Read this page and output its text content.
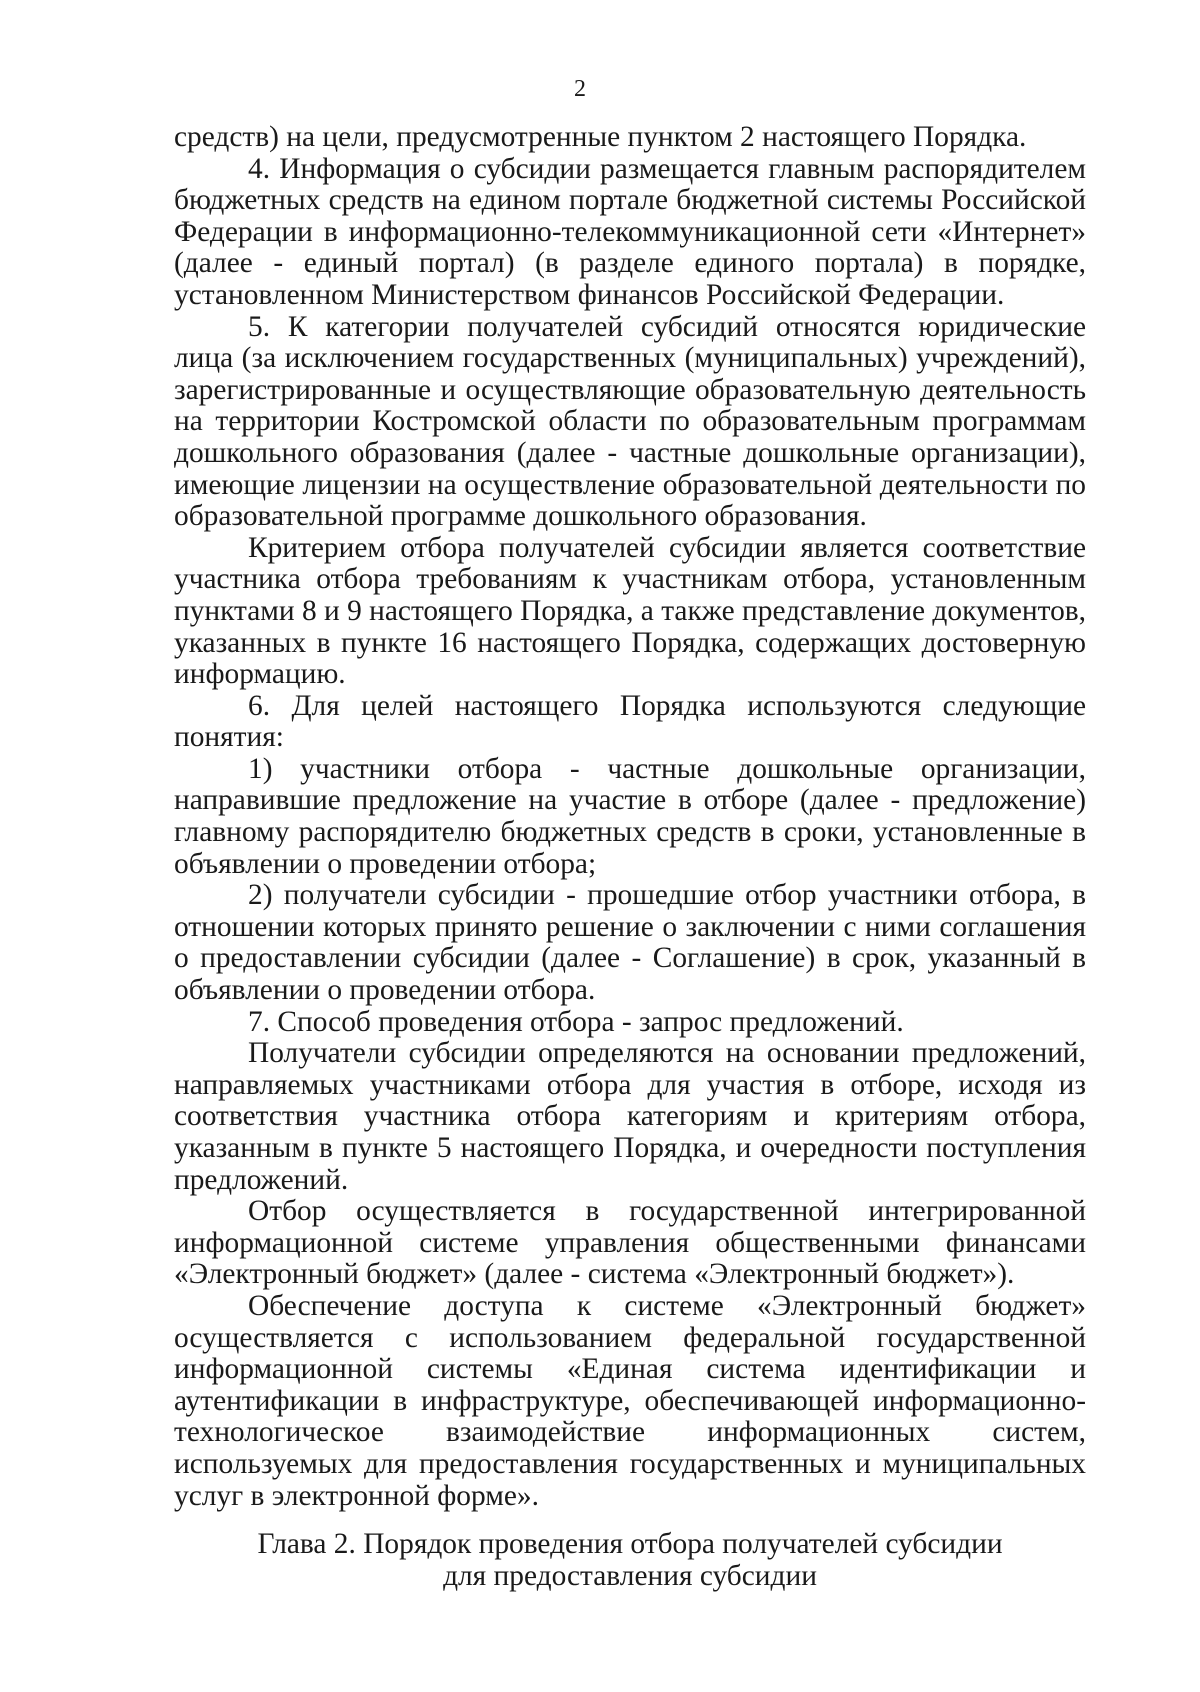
2

средств) на цели, предусмотренные пунктом 2 настоящего Порядка.

4. Информация о субсидии размещается главным распорядителем бюджетных средств на едином портале бюджетной системы Российской Федерации в информационно-телекоммуникационной сети «Интернет» (далее - единый портал) (в разделе единого портала) в порядке, установленном Министерством финансов Российской Федерации.

5. К категории получателей субсидий относятся юридические лица (за исключением государственных (муниципальных) учреждений), зарегистрированные и осуществляющие образовательную деятельность на территории Костромской области по образовательным программам дошкольного образования (далее - частные дошкольные организации), имеющие лицензии на осуществление образовательной деятельности по образовательной программе дошкольного образования.

Критерием отбора получателей субсидии является соответствие участника отбора требованиям к участникам отбора, установленным пунктами 8 и 9 настоящего Порядка, а также представление документов, указанных в пункте 16 настоящего Порядка, содержащих достоверную информацию.

6. Для целей настоящего Порядка используются следующие понятия:

1) участники отбора - частные дошкольные организации, направившие предложение на участие в отборе (далее - предложение) главному распорядителю бюджетных средств в сроки, установленные в объявлении о проведении отбора;

2) получатели субсидии - прошедшие отбор участники отбора, в отношении которых принято решение о заключении с ними соглашения о предоставлении субсидии (далее - Соглашение) в срок, указанный в объявлении о проведении отбора.

7. Способ проведения отбора - запрос предложений.

Получатели субсидии определяются на основании предложений, направляемых участниками отбора для участия в отборе, исходя из соответствия участника отбора категориям и критериям отбора, указанным в пункте 5 настоящего Порядка, и очередности поступления предложений.

Отбор осуществляется в государственной интегрированной информационной системе управления общественными финансами «Электронный бюджет» (далее - система «Электронный бюджет»).

Обеспечение доступа к системе «Электронный бюджет» осуществляется с использованием федеральной государственной информационной системы «Единая система идентификации и аутентификации в инфраструктуре, обеспечивающей информационно-технологическое взаимодействие информационных систем, используемых для предоставления государственных и муниципальных услуг в электронной форме».

Глава 2. Порядок проведения отбора получателей субсидии
для предоставления субсидии
